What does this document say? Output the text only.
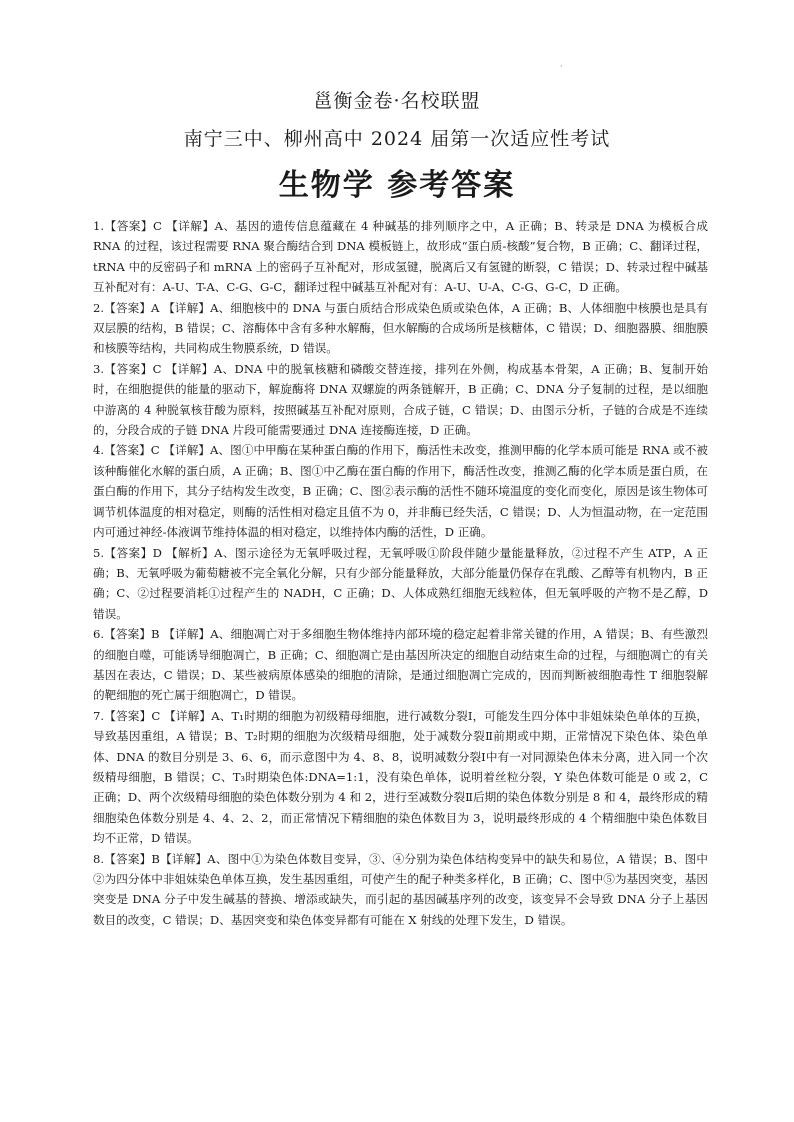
·
邕衡金卷·名校联盟
南宁三中、柳州高中 2024 届第一次适应性考试
生物学 参考答案

1.【答案】C 【详解】A、基因的遗传信息蕴藏在 4 种碱基的排列顺序之中，A 正确；B、转录是 DNA 为模板合成 RNA 的过程，该过程需要 RNA 聚合酶结合到 DNA 模板链上，故形成“蛋白质-核酸”复合物，B 正确；C、翻译过程，tRNA 中的反密码子和 mRNA 上的密码子互补配对，形成氢键，脱离后又有氢键的断裂，C 错误；D、转录过程中碱基互补配对有：A-U、T-A、C-G、G-C，翻译过程中碱基互补配对有：A-U、U-A、C-G、G-C，D 正确。

2.【答案】A 【详解】A、细胞核中的 DNA 与蛋白质结合形成染色质或染色体，A 正确；B、人体细胞中核膜也是具有双层膜的结构，B 错误；C、溶酶体中含有多种水解酶，但水解酶的合成场所是核糖体，C 错误；D、细胞器膜、细胞膜和核膜等结构，共同构成生物膜系统，D 错误。

3.【答案】C 【详解】A、DNA 中的脱氧核糖和磷酸交替连接，排列在外侧，构成基本骨架，A 正确；B、复制开始时，在细胞提供的能量的驱动下，解旋酶将 DNA 双螺旋的两条链解开，B 正确；C、DNA 分子复制的过程，是以细胞中游离的 4 种脱氧核苷酸为原料，按照碱基互补配对原则，合成子链，C 错误；D、由图示分析，子链的合成是不连续的，分段合成的子链 DNA 片段可能需要通过 DNA 连接酶连接，D 正确。

4.【答案】C 【详解】A、图①中甲酶在某种蛋白酶的作用下，酶活性未改变，推测甲酶的化学本质可能是 RNA 或不被该种酶催化水解的蛋白质，A 正确；B、图①中乙酶在蛋白酶的作用下，酶活性改变，推测乙酶的化学本质是蛋白质，在蛋白酶的作用下，其分子结构发生改变，B 正确；C、图②表示酶的活性不随环境温度的变化而变化，原因是该生物体可调节机体温度的相对稳定，则酶的活性相对稳定且值不为 0，并非酶已经失活，C 错误；D、人为恒温动物，在一定范围内可通过神经-体液调节维持体温的相对稳定，以维持体内酶的活性，D 正确。

5.【答案】D 【解析】A、图示途径为无氧呼吸过程，无氧呼吸①阶段伴随少量能量释放，②过程不产生 ATP，A 正确；B、无氧呼吸为葡萄糖被不完全氧化分解，只有少部分能量释放，大部分能量仍保存在乳酸、乙醇等有机物内，B 正确；C、②过程要消耗①过程产生的 NADH，C 正确；D、人体成熟红细胞无线粒体，但无氧呼吸的产物不是乙醇，D 错误。

6.【答案】B 【详解】A、细胞凋亡对于多细胞生物体维持内部环境的稳定起着非常关键的作用，A 错误；B、有些激烈的细胞自噬，可能诱导细胞凋亡，B 正确；C、细胞凋亡是由基因所决定的细胞自动结束生命的过程，与细胞凋亡的有关基因在表达，C 错误；D、某些被病原体感染的细胞的清除，是通过细胞凋亡完成的，因而判断被细胞毒性 T 细胞裂解的靶细胞的死亡属于细胞凋亡，D 错误。

7.【答案】C 【详解】A、T₁时期的细胞为初级精母细胞，进行减数分裂Ⅰ，可能发生四分体中非姐妹染色单体的互换，导致基因重组，A 错误；B、T₂时期的细胞为次级精母细胞，处于减数分裂Ⅱ前期或中期，正常情况下染色体、染色单体、DNA 的数目分别是 3、6、6，而示意图中为 4、8、8，说明减数分裂Ⅰ中有一对同源染色体未分离，进入同一个次级精母细胞，B 错误；C、T₃时期染色体:DNA=1:1，没有染色单体，说明着丝粒分裂，Y 染色体数可能是 0 或 2，C 正确；D、两个次级精母细胞的染色体数分别为 4 和 2，进行至减数分裂Ⅱ后期的染色体数分别是 8 和 4，最终形成的精细胞染色体数分别是 4、4、2、2，而正常情况下精细胞的染色体数目为 3，说明最终形成的 4 个精细胞中染色体数目均不正常，D 错误。

8.【答案】B【详解】A、图中①为染色体数目变异，③、④分别为染色体结构变异中的缺失和易位，A 错误；B、图中②为四分体中非姐妹染色单体互换，发生基因重组，可使产生的配子种类多样化，B 正确；C、图中⑤为基因突变，基因突变是 DNA 分子中发生碱基的替换、增添或缺失，而引起的基因碱基序列的改变，该变异不会导致 DNA 分子上基因数目的改变，C 错误；D、基因突变和染色体变异都有可能在 X 射线的处理下发生，D 错误。
